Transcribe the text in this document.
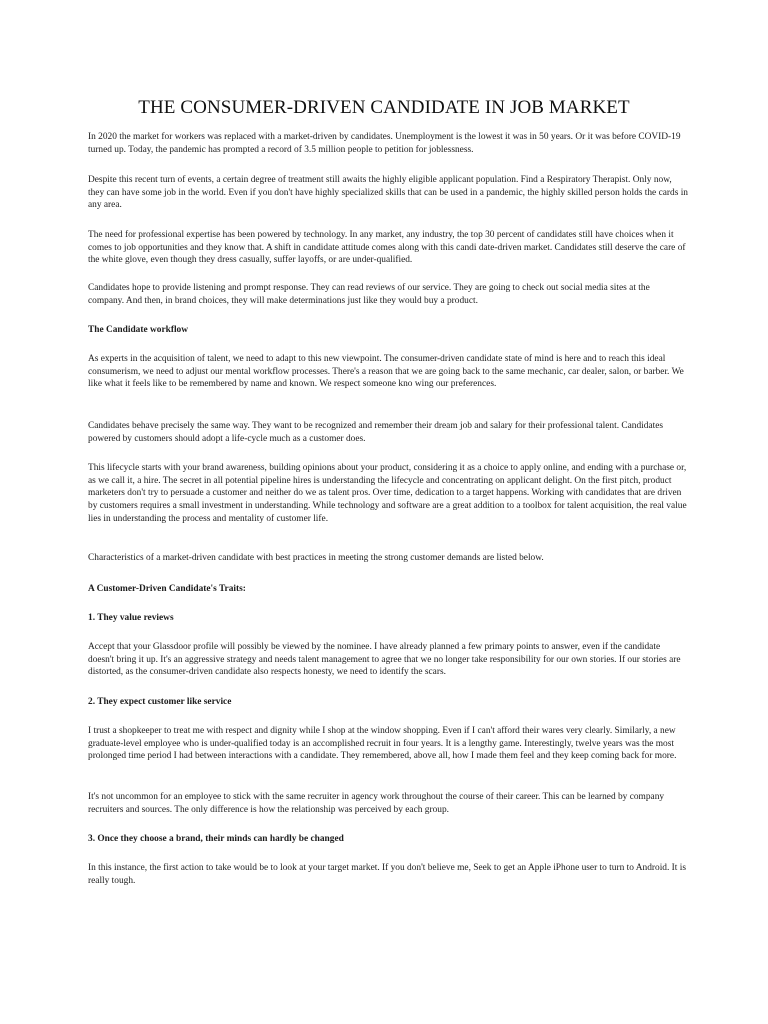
THE CONSUMER-DRIVEN CANDIDATE IN JOB MARKET

In 2020 the market for workers was replaced with a market-driven by candidates. Unemployment is the lowest it was in 50 years. Or it was before COVID-19 turned up. Today, the pandemic has prompted a record of 3.5 million people to petition for joblessness.

Despite this recent turn of events, a certain degree of treatment still awaits the highly eligible applicant population. Find a Respiratory Therapist. Only now, they can have some job in the world. Even if you don't have highly specialized skills that can be used in a pandemic, the highly skilled person holds the cards in any area.

The need for professional expertise has been powered by technology. In any market, any industry, the top 30 percent of candidates still have choices when it comes to job opportunities and they know that. A shift in candidate attitude comes along with this candi date-driven market. Candidates still deserve the care of the white glove, even though they dress casually, suffer layoffs, or are under-qualified.

Candidates hope to provide listening and prompt response. They can read reviews of our service. They are going to check out social media sites at the company. And then, in brand choices, they will make determinations just like they would buy a product.

The Candidate workflow

As experts in the acquisition of talent, we need to adapt to this new viewpoint. The consumer-driven candidate state of mind is here and to reach this ideal consumerism, we need to adjust our mental workflow processes. There's a reason that we are going back to the same mechanic, car dealer, salon, or barber. We like what it feels like to be remembered by name and known. We respect someone kno wing our preferences.

Candidates behave precisely the same way. They want to be recognized and remember their dream job and salary for their professional talent. Candidates powered by customers should adopt a life-cycle much as a customer does.

This lifecycle starts with your brand awareness, building opinions about your product, considering it as a choice to apply online, and ending with a purchase or, as we call it, a hire. The secret in all potential pipeline hires is understanding the lifecycle and concentrating on applicant delight. On the first pitch, product marketers don't try to persuade a customer and neither do we as talent pros. Over time, dedication to a target happens. Working with candidates that are driven by customers requires a small investment in understanding. While technology and software are a great addition to a toolbox for talent acquisition, the real value lies in understanding the process and mentality of customer life.

Characteristics of a market-driven candidate with best practices in meeting the strong customer demands are listed below.

A Customer-Driven Candidate's Traits:

1. They value reviews

Accept that your Glassdoor profile will possibly be viewed by the nominee. I have already planned a few primary points to answer, even if the candidate doesn't bring it up. It's an aggressive strategy and needs talent management to agree that we no longer take responsibility for our own stories. If our stories are distorted, as the consumer-driven candidate also respects honesty, we need to identify the scars.

2. They expect customer like service

I trust a shopkeeper to treat me with respect and dignity while I shop at the window shopping. Even if I can't afford their wares very clearly. Similarly, a new graduate-level employee who is under-qualified today is an accomplished recruit in four years. It is a lengthy game. Interestingly, twelve years was the most prolonged time period I had between interactions with a candidate. They remembered, above all, how I made them feel and they keep coming back for more.

It's not uncommon for an employee to stick with the same recruiter in agency work throughout the course of their career. This can be learned by company recruiters and sources. The only difference is how the relationship was perceived by each group.

3. Once they choose a brand, their minds can hardly be changed

In this instance, the first action to take would be to look at your target market. If you don't believe me, Seek to get an Apple iPhone user to turn to Android. It is really tough.
